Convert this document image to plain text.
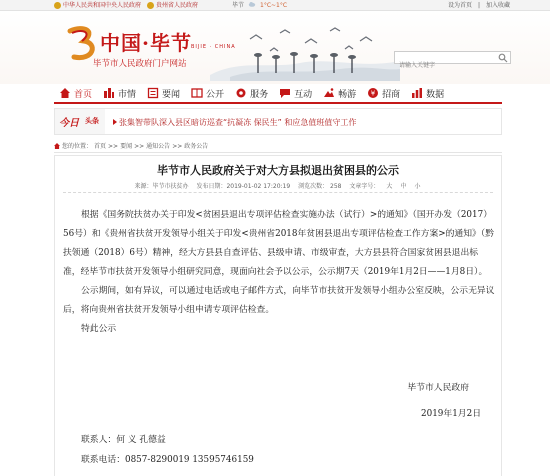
中华人民共和国中央人民政府	贵州省人民政府	毕节	1°C~1°C	设为首页 | 加入收藏
中国·毕节 BIJIE · CHINA
毕节市人民政府门户网站
请输入关键字
首页	市情	要闻	公开	服务	互动	畅游 ¥ 招商	数据
今日 头条	张集智带队深入县区暗访巡查“抗凝冻 保民生” 和应急值班值守工作
您的位置： 首页 >> 要闻 >> 通知公告 >> 政务公告
毕节市人民政府关于对大方县拟退出贫困县的公示
来源：毕节市扶贫办 发布日期：2019-01-02 17:20:19 浏览次数： 258 文章字号： 大 中 小

根据《国务院扶贫办关于印发<贫困县退出专项评估检查实施办法（试行）>的通知》（国开办发（2017）56号）和《贵州省扶贫开发领导小组关于印发<贵州省2018年贫困县退出专项评估检查工作方案>的通知》（黔扶领通（2018）6号）精神，经大方县县自查评估、县级申请、市级审查，大方县县符合国家贫困县退出标准，经毕节市扶贫开发领导小组研究同意，现面向社会予以公示，公示期7天（2019年1月2日——1月8日）。

公示期间，如有异议，可以通过电话或电子邮件方式，向毕节市扶贫开发领导小组办公室反映，公示无异议后，将向贵州省扶贫开发领导小组申请专项评估检查。

特此公示

毕节市人民政府
2019年1月2日
联系人：何 义 孔德益
联系电话：0857-8290019 13595746159
